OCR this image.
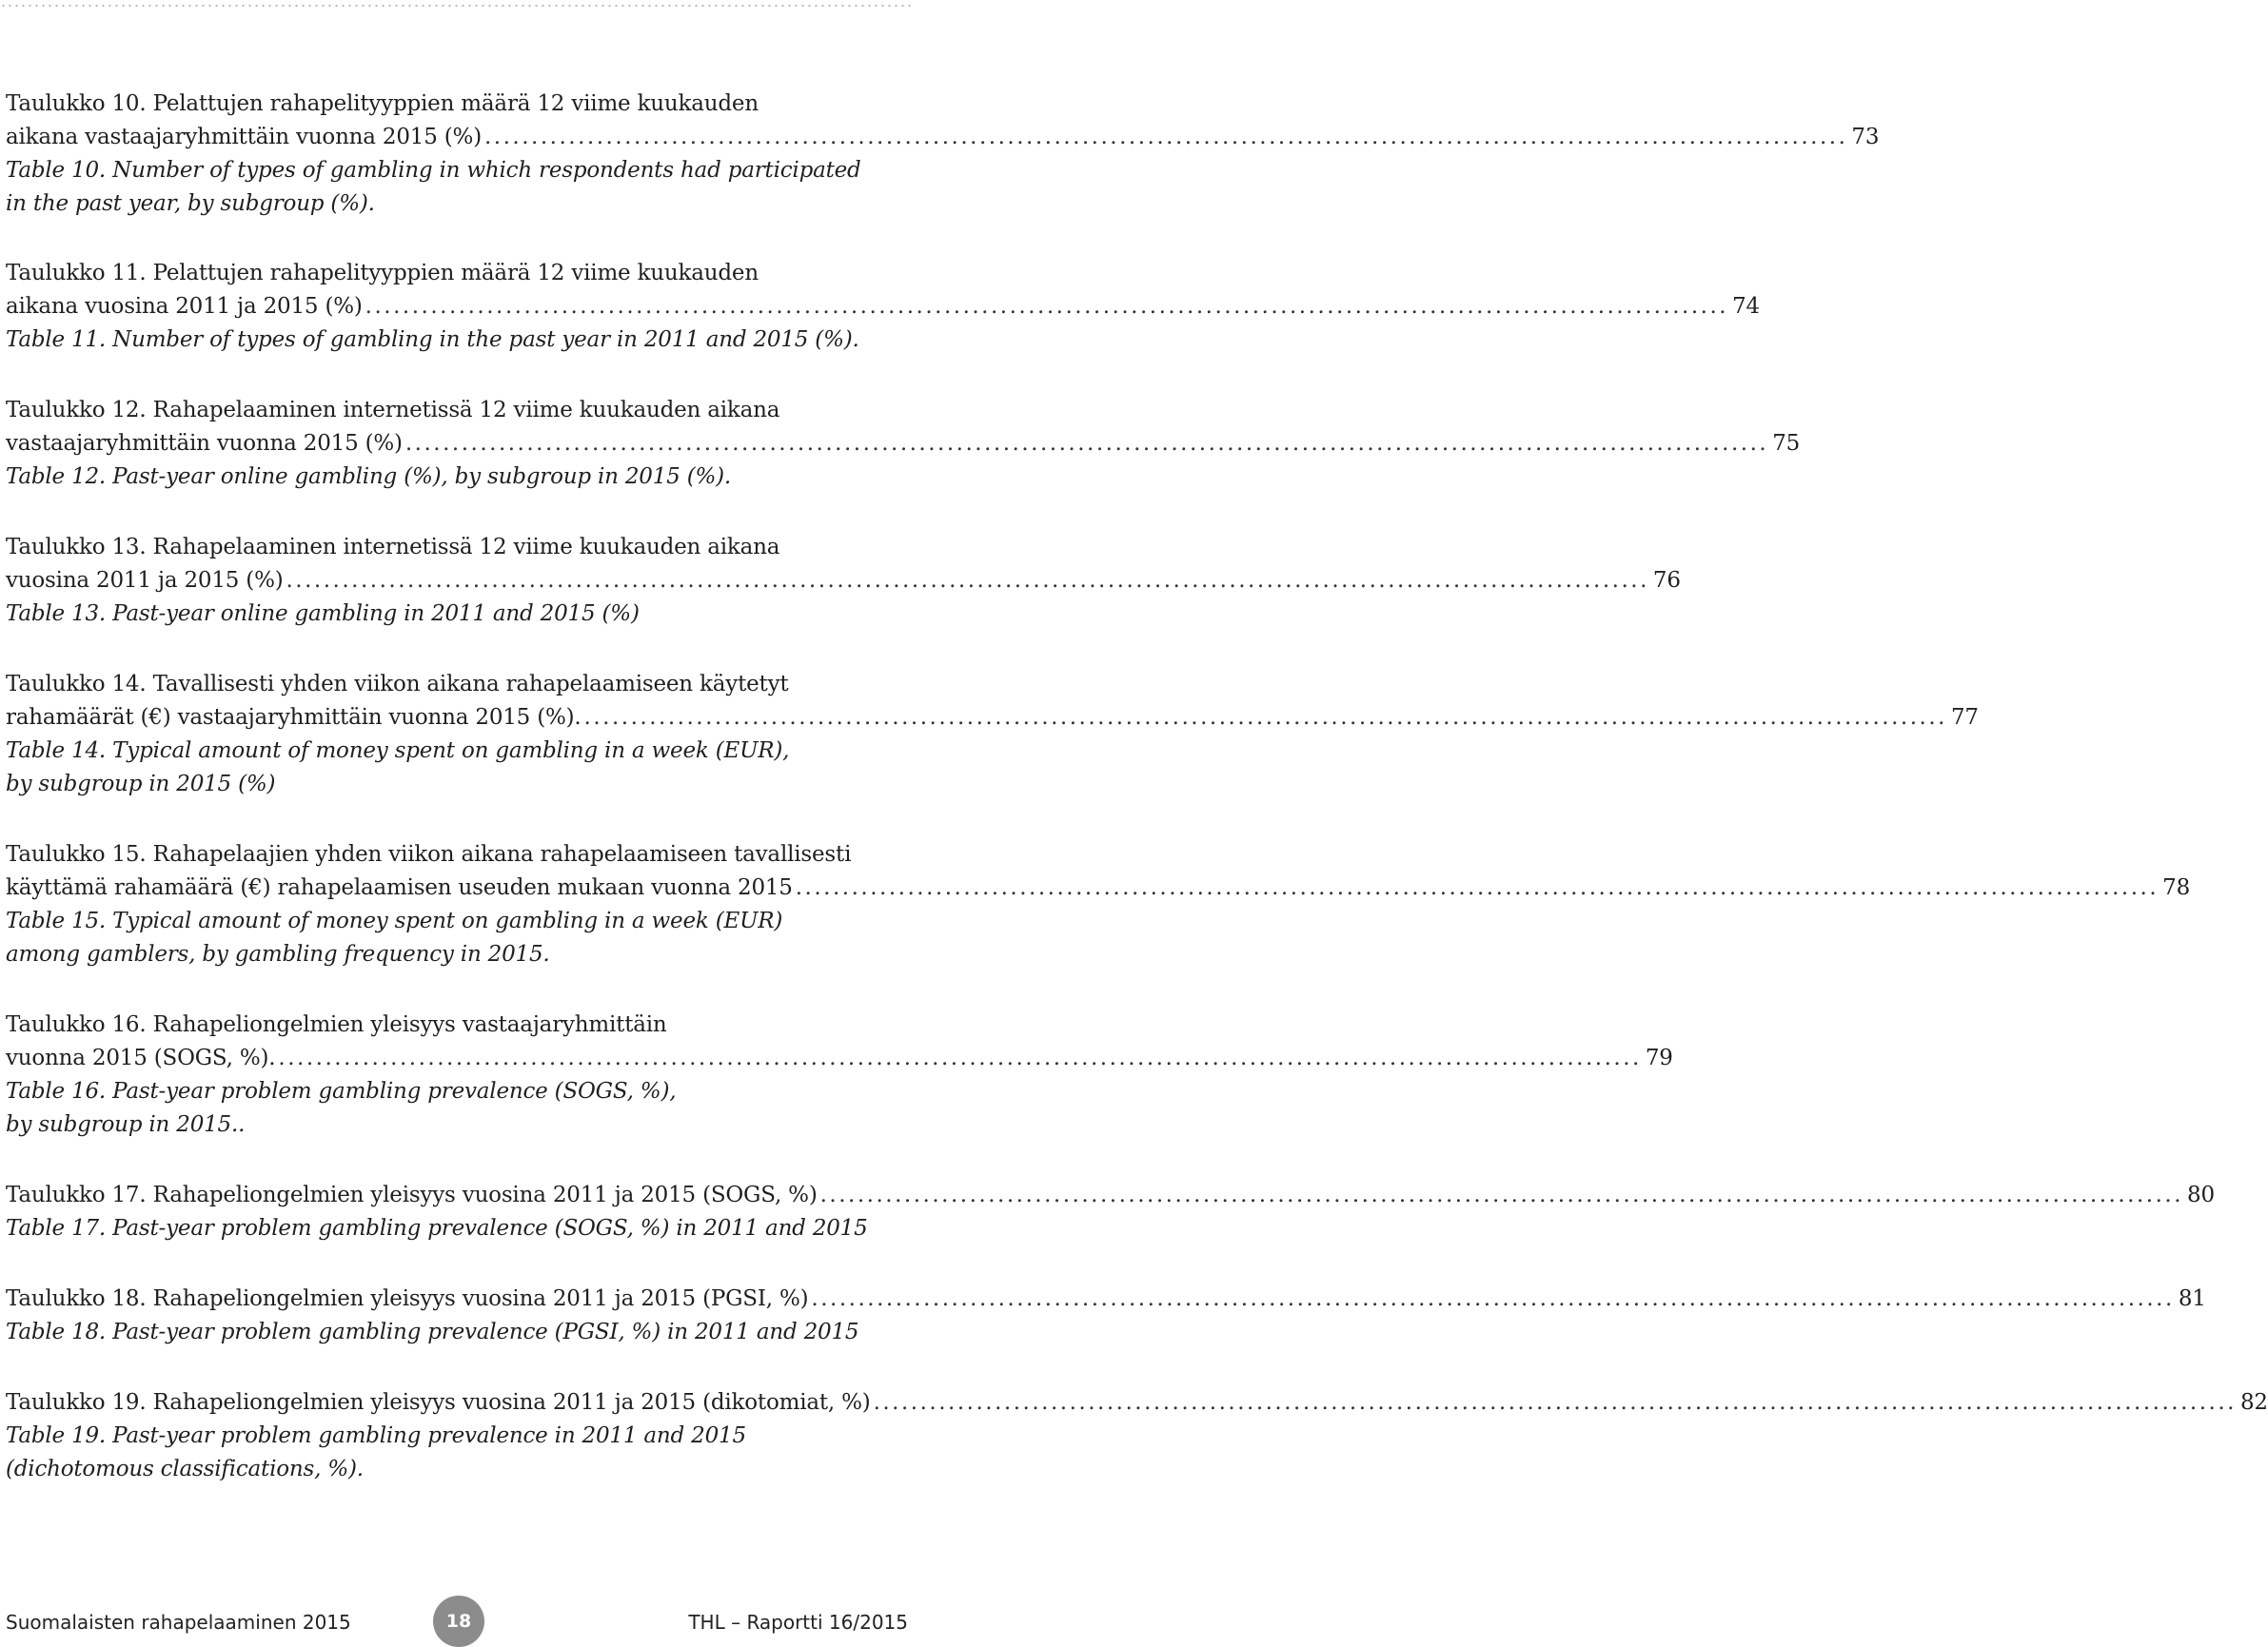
Taulukko 10. Pelattujen rahapelityyppien määrä 12 viime kuukauden
aikana vastaajaryhmittäin vuonna 2015 (%) .................................................................................................................................................. 73
Table 10. Number of types of gambling in which respondents had participated
in the past year, by subgroup (%).
Taulukko 11. Pelattujen rahapelityyppien määrä 12 viime kuukauden
aikana vuosina 2011 ja 2015 (%) .................................................................................................................................................. 74
Table 11. Number of types of gambling in the past year in 2011 and 2015 (%).
Taulukko 12. Rahapelaaminen internetissä 12 viime kuukauden aikana
vastaajaryhmittäin vuonna 2015 (%) .................................................................................................................................................. 75
Table 12. Past-year online gambling (%), by subgroup in 2015 (%).
Taulukko 13. Rahapelaaminen internetissä 12 viime kuukauden aikana
vuosina 2011 ja 2015 (%) .................................................................................................................................................. 76
Table 13. Past-year online gambling in 2011 and 2015 (%)
Taulukko 14. Tavallisesti yhden viikon aikana rahapelaamiseen käytetyt
rahamäärät (€) vastaajaryhmittäin vuonna 2015 (%). .................................................................................................................................................. 77
Table 14. Typical amount of money spent on gambling in a week (EUR),
by subgroup in 2015 (%)
Taulukko 15. Rahapelaajien yhden viikon aikana rahapelaamiseen tavallisesti
käyttämä rahamäärä (€) rahapelaamisen useuden mukaan vuonna 2015 .................................................................................................................................................. 78
Table 15. Typical amount of money spent on gambling in a week (EUR)
among gamblers, by gambling frequency in 2015.
Taulukko 16. Rahapeliongelmien yleisyys vastaajaryhmittäin
vuonna 2015 (SOGS, %). .................................................................................................................................................. 79
Table 16. Past-year problem gambling prevalence (SOGS, %),
by subgroup in 2015..
Taulukko 17. Rahapeliongelmien yleisyys vuosina 2011 ja 2015 (SOGS, %) .................................................................................................................................................. 80
Table 17. Past-year problem gambling prevalence (SOGS, %) in 2011 and 2015
Taulukko 18. Rahapeliongelmien yleisyys vuosina 2011 ja 2015 (PGSI, %) .................................................................................................................................................. 81
Table 18. Past-year problem gambling prevalence (PGSI, %) in 2011 and 2015
Taulukko 19. Rahapeliongelmien yleisyys vuosina 2011 ja 2015 (dikotomiat, %) .................................................................................................................................................. 82
Table 19. Past-year problem gambling prevalence in 2011 and 2015
(dichotomous classifications, %).
Suomalaisten rahapelaaminen 2015	18	THL – Raportti 16/2015
